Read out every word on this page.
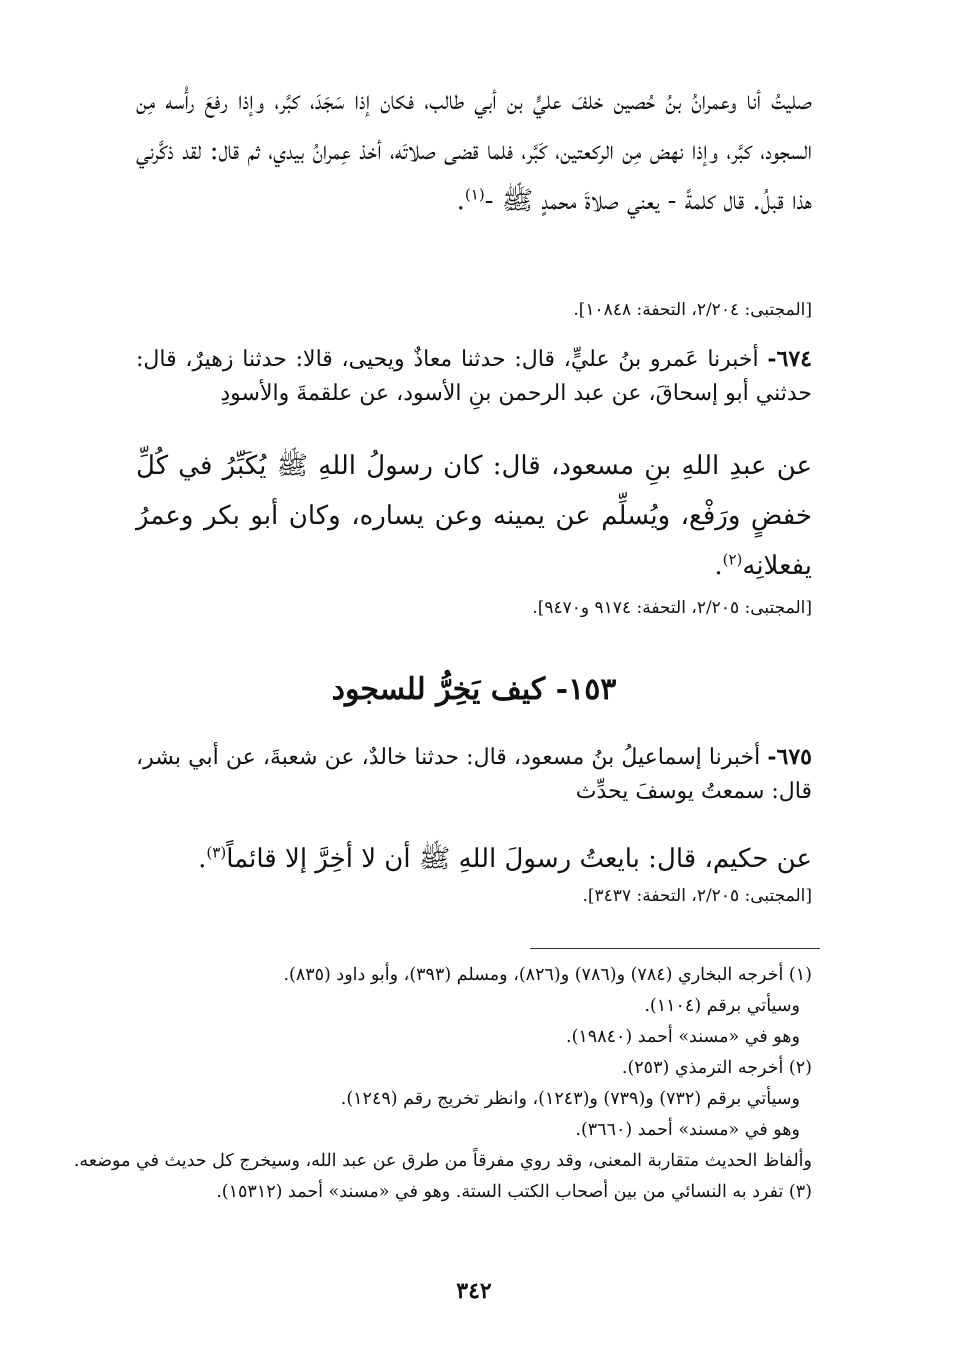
صليتُ أنا وعمرانُ بنُ حُصين خلفَ عليٍّ بن أبي طالب، فكان إذا سَجَدَ، كبَّر، وإذا رفعَ رأْسه مِن السجود، كبَّر، وإذا نهض مِن الركعتين، كَبَّر، فلما قضى صلاتَه، أخذ عِمرانُ بيدي، ثم قال: لقد ذكَّرني هذا قبلُ. قال كلمةً - يعني صلاةَ محمدٍ ﷺ -$^{(١)}$.

[المجتبى: ٢/٢٠٤، التحفة: ١٠٨٤٨].

٦٧٤- أخبرنا عَمرو بنُ عليٍّ، قال: حدثنا معاذٌ ويحيى، قالا: حدثنا زهيرٌ، قال: حدثني أبو إسحاقَ، عن عبد الرحمن بنِ الأسود، عن علقمةَ والأسودِ

عن عبدِ اللهِ بنِ مسعود، قال: كان رسولُ اللهِ ﷺ يُكَبِّرُ في كُلِّ خفضٍ ورَفْع، ويُسلِّم عن يمينه وعن يساره، وكان أبو بكر وعمرُ يفعلانِه$^{(٢)}$.

[المجتبى: ٢/٢٠٥، التحفة: ٩١٧٤ و٩٤٧٠].

١٥٣- كيف يَخِرُّ للسجود

٦٧٥- أخبرنا إسماعيلُ بنُ مسعود، قال: حدثنا خالدٌ، عن شعبةَ، عن أبي بشر، قال: سمعتُ يوسفَ يحدِّث

عن حكيم، قال: بايعتُ رسولَ اللهِ ﷺ أن لا أخِرَّ إلا قائماً$^{(٣)}$.

[المجتبى: ٢/٢٠٥، التحفة: ٣٤٣٧].

(١) أخرجه البخاري (٧٨٤) و(٧٨٦) و(٨٢٦)، ومسلم (٣٩٣)، وأبو داود (٨٣٥).
وسيأتي برقم (١١٠٤).
وهو في «مسند» أحمد (١٩٨٤٠).
(٢) أخرجه الترمذي (٢٥٣).
وسيأتي برقم (٧٣٢) و(٧٣٩) و(١٢٤٣)، وانظر تخريج رقم (١٢٤٩).
وهو في «مسند» أحمد (٣٦٦٠).
وألفاظ الحديث متقاربة المعنى، وقد روي مفرقاً من طرق عن عبد الله، وسيخرج كل حديث في موضعه.
(٣) تفرد به النسائي من بين أصحاب الكتب الستة. وهو في «مسند» أحمد (١٥٣١٢).
٣٤٢
